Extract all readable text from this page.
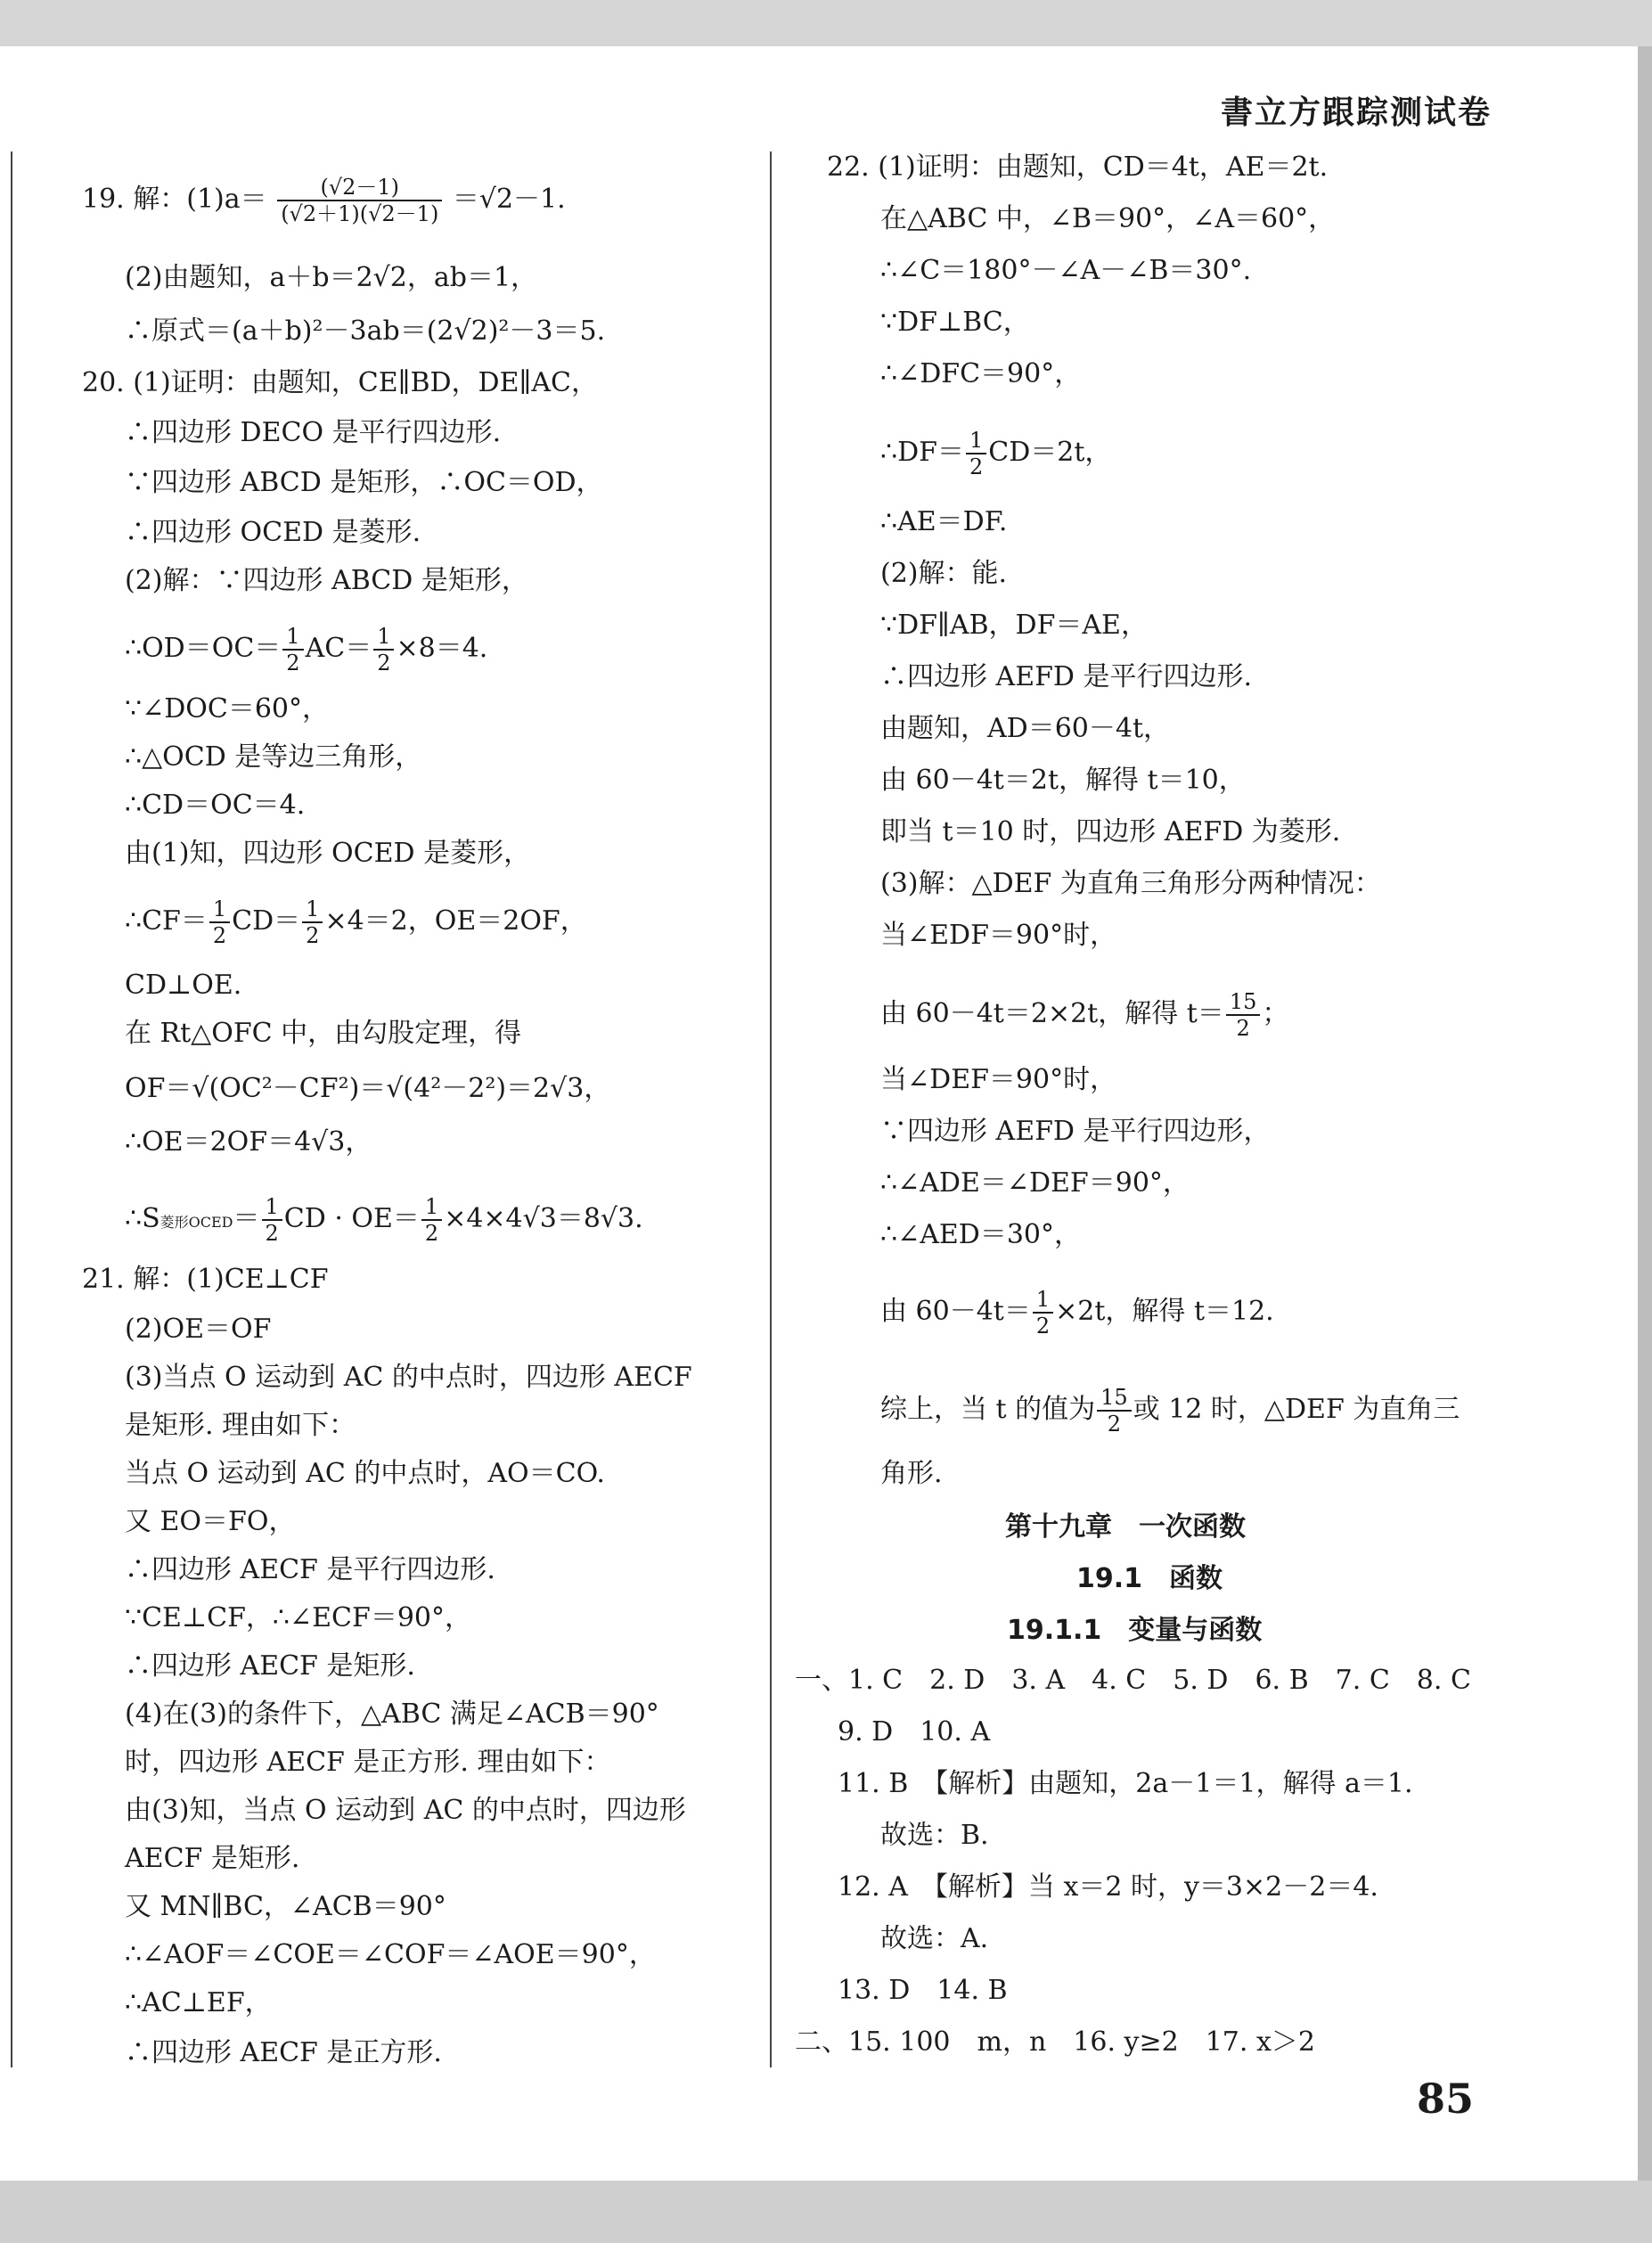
書立方跟踪测试卷
19. 解：$(1)a= \frac{(√2-1)}{(√2+1)(√2-1)} =√2-1$.
(2)由题知，a＋b＝2√2，ab＝1，
∴原式＝(a＋b)²－3ab＝(2√2)²－3＝5.
20. (1)证明：由题知，CE∥BD，DE∥AC，
∴四边形 DECO 是平行四边形.
∵四边形 ABCD 是矩形，∴OC＝OD，
∴四边形 OCED 是菱形.
(2)解：∵四边形 ABCD 是矩形，
∴OD＝OC＝ $\frac{1}{2} AC= \frac{1}{2} \times 8=4$.
∵∠DOC＝60°，
∴△OCD 是等边三角形，
∴CD＝OC＝4.
由(1)知，四边形 OCED 是菱形，
∴CF＝ $\frac{1}{2} CD= \frac{1}{2} \times 4=2$，OE＝2OF，
CD⊥OE.
在 Rt△OFC 中，由勾股定理，得
OF＝√(OC²－CF²)＝√(4²－2²)＝2√3，
∴OE＝2OF＝4√3，
∴S菱形OCED＝ $\frac{1}{2}$ CD · $OE= \frac{1}{2} \times 4\times 4√3=8√3$.
21. 解：(1)CE⊥CF
(2)OE＝OF
(3)当点 O 运动到 AC 的中点时，四边形 AECF
是矩形. 理由如下：
当点 O 运动到 AC 的中点时，AO＝CO.
又 EO＝FO，
∴四边形 AECF 是平行四边形.
∵CE⊥CF，∴∠ECF＝90°，
∴四边形 AECF 是矩形.
(4)在(3)的条件下，△ABC 满足∠ACB＝90°
时，四边形 AECF 是正方形. 理由如下：
由(3)知，当点 O 运动到 AC 的中点时，四边形
AECF 是矩形.
又 MN∥BC，∠ACB＝90°
∴∠AOF＝∠COE＝∠COF＝∠AOE＝90°，
∴AC⊥EF，
∴四边形 AECF 是正方形.
22. (1)证明：由题知，CD＝4t，AE＝2t.
在△ABC 中，∠B＝90°，∠A＝60°，
∴∠C＝180°－∠A－∠B＝30°.
∵DF⊥BC，
∴∠DFC＝90°，
∴DF＝ $\frac{1}{2} CD=2t$，
∴AE＝DF.
(2)解：能.
∵DF∥AB，DF＝AE，
∴四边形 AEFD 是平行四边形.
由题知，AD＝60－4t，
由 60－4t＝2t，解得 t＝10，
即当 t＝10 时，四边形 AEFD 为菱形.
(3)解：△DEF 为直角三角形分两种情况：
当∠EDF＝90°时，
由 60－4t＝2×2t，解得 $t= \frac{15}{2}$ ；
当∠DEF＝90°时，
∵四边形 AEFD 是平行四边形，
∴∠ADE＝∠DEF＝90°，
∴∠AED＝30°，
由 $60-4t= \frac{1}{2} \times 2t$，解得 t＝12.
综上，当 t 的值为 $\frac{15}{2}$ 或 12 时，△DEF 为直角三
角形.
第十九章　一次函数
19.1　函数
19.1.1　变量与函数
一、1. C　2. D　3. A　4. C　5. D　6. B　7. C　8. C
9. D　10. A
11. B　【解析】由题知，2a－1＝1，解得 a＝1.
故选：B.
12. A　【解析】当 x＝2 时，y＝3×2－2＝4.
故选：A.
13. D　14. B
二、15. 100　m，n　16. y≥2　17. x＞2
85
